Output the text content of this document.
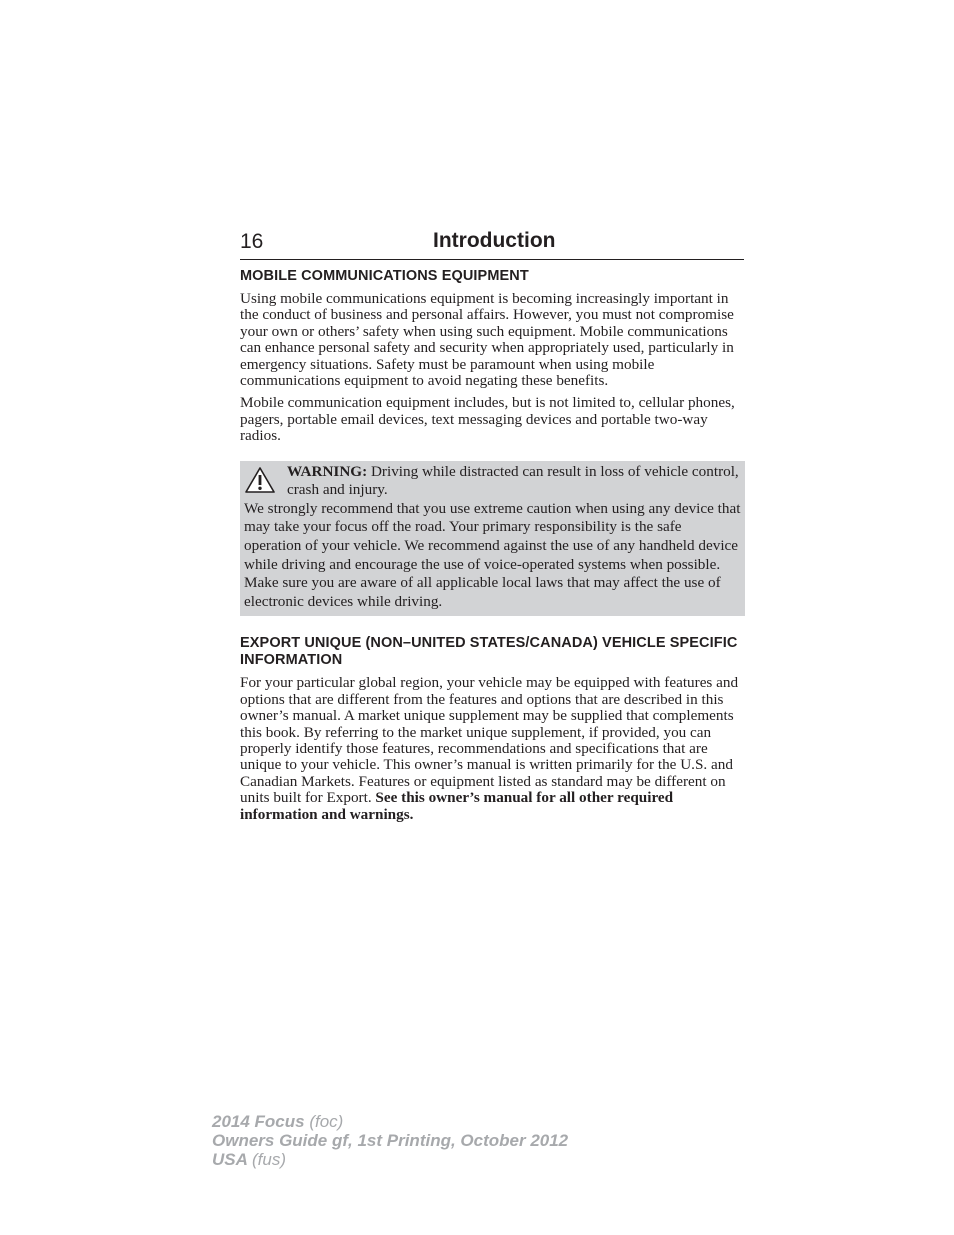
16	Introduction
MOBILE COMMUNICATIONS EQUIPMENT

Using mobile communications equipment is becoming increasingly important in the conduct of business and personal affairs. However, you must not compromise your own or others’ safety when using such equipment. Mobile communications can enhance personal safety and security when appropriately used, particularly in emergency situations. Safety must be paramount when using mobile communications equipment to avoid negating these benefits.

Mobile communication equipment includes, but is not limited to, cellular phones, pagers, portable email devices, text messaging devices and portable two-way radios.

WARNING: Driving while distracted can result in loss of vehicle control, crash and injury.
We strongly recommend that you use extreme caution when using any device that may take your focus off the road. Your primary responsibility is the safe operation of your vehicle. We recommend against the use of any handheld device while driving and encourage the use of voice-operated systems when possible. Make sure you are aware of all applicable local laws that may affect the use of electronic devices while driving.
EXPORT UNIQUE (NON–UNITED STATES/CANADA) VEHICLE SPECIFIC INFORMATION

For your particular global region, your vehicle may be equipped with features and options that are different from the features and options that are described in this owner’s manual. A market unique supplement may be supplied that complements this book. By referring to the market unique supplement, if provided, you can properly identify those features, recommendations and specifications that are unique to your vehicle. This owner’s manual is written primarily for the U.S. and Canadian Markets. Features or equipment listed as standard may be different on units built for Export. See this owner’s manual for all other required information and warnings.

2014 Focus (foc)
Owners Guide gf, 1st Printing, October 2012
USA (fus)
